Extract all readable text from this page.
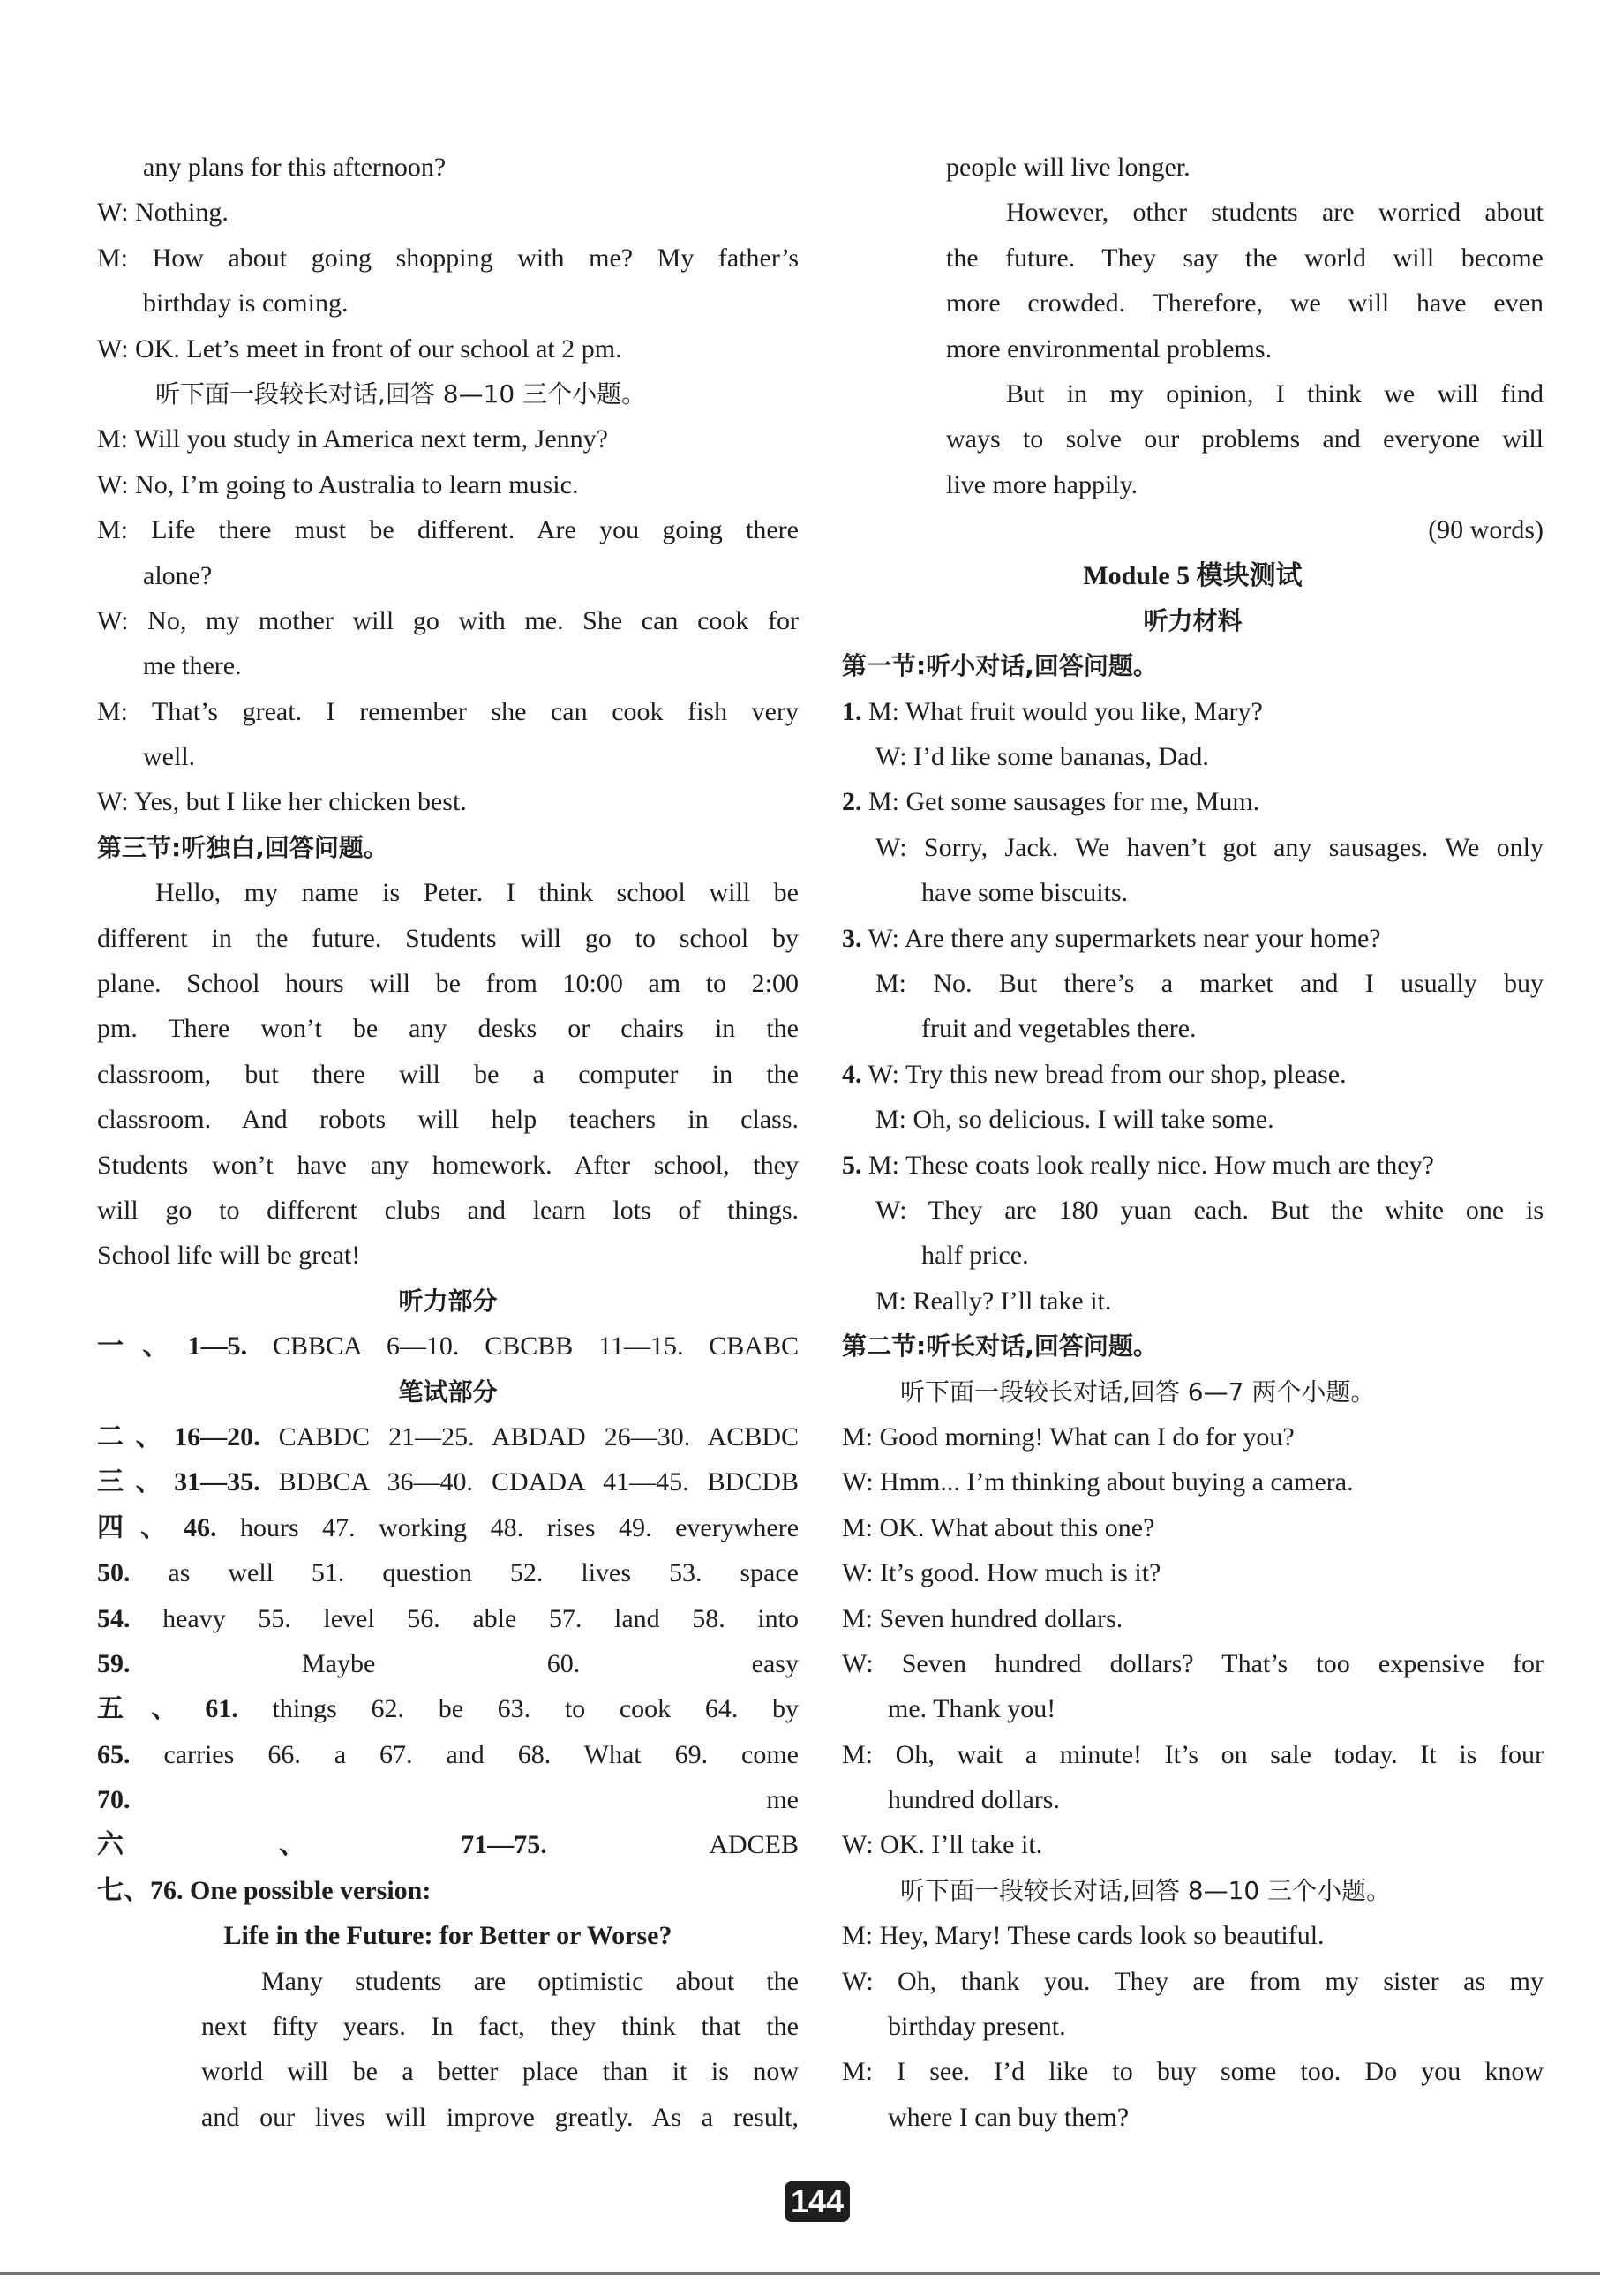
any plans for this afternoon?
W: Nothing.
M: How about going shopping with me? My father’s
birthday is coming.
W: OK. Let’s meet in front of our school at 2 pm.
听下面一段较长对话,回答 8—10 三个小题。
M: Will you study in America next term, Jenny?
W: No, I’m going to Australia to learn music.
M: Life there must be different. Are you going there
alone?
W: No, my mother will go with me. She can cook for
me there.
M: That’s great. I remember she can cook fish very
well.
W: Yes, but I like her chicken best.
第三节:听独白,回答问题。
Hello, my name is Peter. I think school will be
different in the future. Students will go to school by
plane. School hours will be from 10:00 am to 2:00
pm. There won’t be any desks or chairs in the
classroom, but there will be a computer in the
classroom. And robots will help teachers in class.
Students won’t have any homework. After school, they
will go to different clubs and learn lots of things.
School life will be great!
听力部分
一、1—5. CBBCA 6—10. CBCBB 11—15. CBABC
笔试部分
二、16—20. CABDC 21—25. ABDAD 26—30. ACBDC
三、31—35. BDBCA 36—40. CDADA 41—45. BDCDB
四、46. hours 47. working 48. rises 49. everywhere
50. as well 51. question 52. lives 53. space
54. heavy 55. level 56. able 57. land 58. into
59. Maybe 60. easy
五、61. things 62. be 63. to cook 64. by
65. carries 66. a 67. and 68. What 69. come
70. me
六、71—75. ADCEB
七、76. One possible version:
Life in the Future: for Better or Worse?
Many students are optimistic about the
next fifty years. In fact, they think that the
world will be a better place than it is now
and our lives will improve greatly. As a result,
people will live longer.
However, other students are worried about
the future. They say the world will become
more crowded. Therefore, we will have even
more environmental problems.
But in my opinion, I think we will find
ways to solve our problems and everyone will
live more happily.
(90 words)
Module 5 模块测试
听力材料
第一节:听小对话,回答问题。
1. M: What fruit would you like, Mary?
W: I’d like some bananas, Dad.
2. M: Get some sausages for me, Mum.
W: Sorry, Jack. We haven’t got any sausages. We only
have some biscuits.
3. W: Are there any supermarkets near your home?
M: No. But there’s a market and I usually buy
fruit and vegetables there.
4. W: Try this new bread from our shop, please.
M: Oh, so delicious. I will take some.
5. M: These coats look really nice. How much are they?
W: They are 180 yuan each. But the white one is
half price.
M: Really? I’ll take it.
第二节:听长对话,回答问题。
听下面一段较长对话,回答 6—7 两个小题。
M: Good morning! What can I do for you?
W: Hmm... I’m thinking about buying a camera.
M: OK. What about this one?
W: It’s good. How much is it?
M: Seven hundred dollars.
W: Seven hundred dollars? That’s too expensive for
me. Thank you!
M: Oh, wait a minute! It’s on sale today. It is four
hundred dollars.
W: OK. I’ll take it.
听下面一段较长对话,回答 8—10 三个小题。
M: Hey, Mary! These cards look so beautiful.
W: Oh, thank you. They are from my sister as my
birthday present.
M: I see. I’d like to buy some too. Do you know
where I can buy them?
144
